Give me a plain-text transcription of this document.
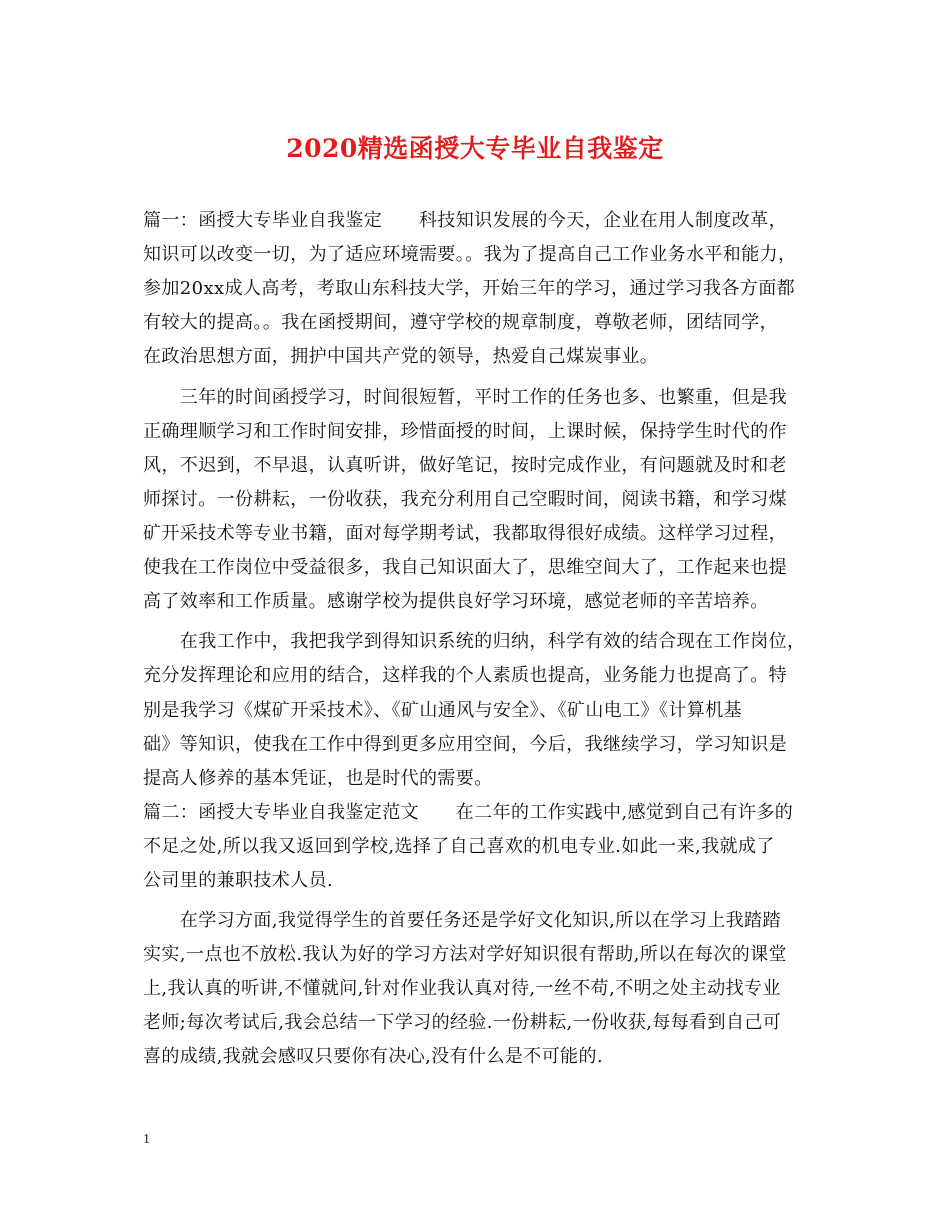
2020精选函授大专毕业自我鉴定
篇一：函授大专毕业自我鉴定　　科技知识发展的今天，企业在用人制度改革，
知识可以改变一切，为了适应环境需要。。我为了提高自己工作业务水平和能力，
参加20xx成人高考，考取山东科技大学，开始三年的学习，通过学习我各方面都
有较大的提高。。我在函授期间，遵守学校的规章制度，尊敬老师，团结同学，
在政治思想方面，拥护中国共产党的领导，热爱自己煤炭事业。
　　三年的时间函授学习，时间很短暂，平时工作的任务也多、也繁重，但是我
正确理顺学习和工作时间安排，珍惜面授的时间，上课时候，保持学生时代的作
风，不迟到，不早退，认真听讲，做好笔记，按时完成作业，有问题就及时和老
师探讨。一份耕耘，一份收获，我充分利用自己空暇时间，阅读书籍，和学习煤
矿开采技术等专业书籍，面对每学期考试，我都取得很好成绩。这样学习过程，
使我在工作岗位中受益很多，我自己知识面大了，思维空间大了，工作起来也提
高了效率和工作质量。感谢学校为提供良好学习环境，感觉老师的辛苦培养。
　　在我工作中，我把我学到得知识系统的归纳，科学有效的结合现在工作岗位，
充分发挥理论和应用的结合，这样我的个人素质也提高，业务能力也提高了。特
别是我学习《煤矿开采技术》、《矿山通风与安全》、《矿山电工》《计算机基
础》等知识，使我在工作中得到更多应用空间，今后，我继续学习，学习知识是
提高人修养的基本凭证，也是时代的需要。
篇二：函授大专毕业自我鉴定范文　　在二年的工作实践中,感觉到自己有许多的
不足之处,所以我又返回到学校,选择了自己喜欢的机电专业.如此一来,我就成了
公司里的兼职技术人员.
　　在学习方面,我觉得学生的首要任务还是学好文化知识,所以在学习上我踏踏
实实,一点也不放松.我认为好的学习方法对学好知识很有帮助,所以在每次的课堂
上,我认真的听讲,不懂就问,针对作业我认真对待,一丝不苟,不明之处主动找专业
老师;每次考试后,我会总结一下学习的经验.一份耕耘,一份收获,每每看到自己可
喜的成绩,我就会感叹只要你有决心,没有什么是不可能的.
1
